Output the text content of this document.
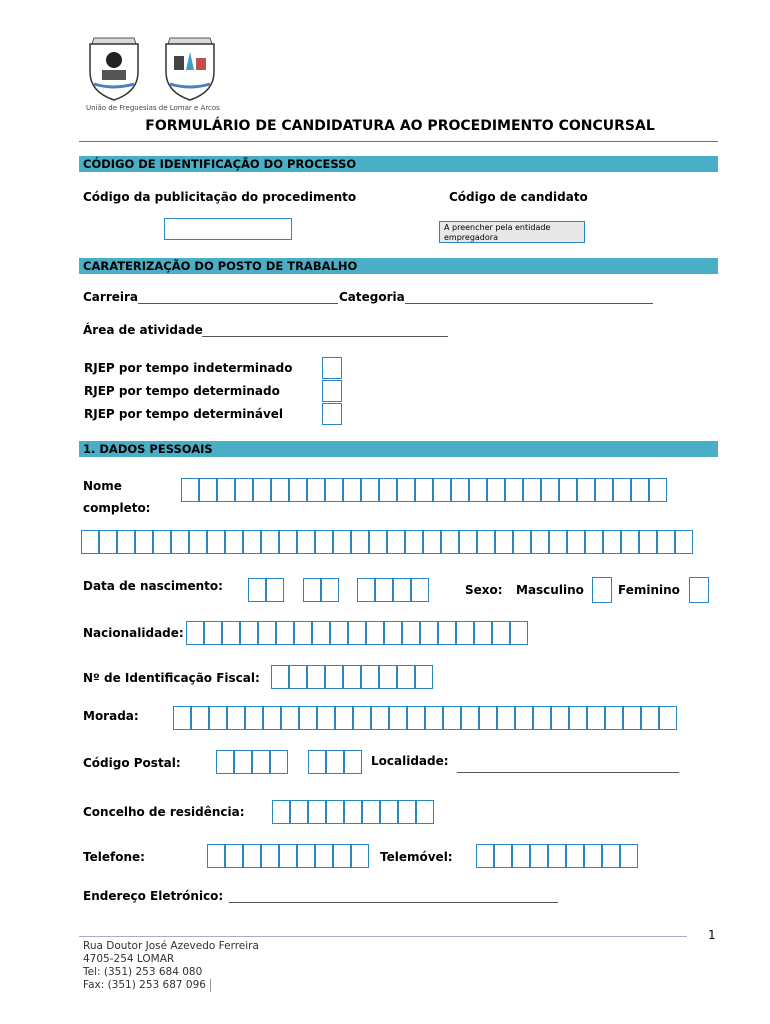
União de Freguesias de Lomar e Arcos
FORMULÁRIO DE CANDIDATURA AO PROCEDIMENTO CONCURSAL
CÓDIGO DE IDENTIFICAÇÃO DO PROCESSO
Código da publicitação do procedimento	Código de candidato
A preencher pela entidade empregadora
CARATERIZAÇÃO DO POSTO DE TRABALHO
Carreira	Categoria
Área de atividade
RJEP por tempo indeterminado
RJEP por tempo determinado
RJEP por tempo determinável
1. DADOS PESSOAIS
Nome
completo:
Data de nascimento:	Sexo: Masculino	Feminino
Nacionalidade:
Nº de Identificação Fiscal:
Morada:
Código Postal:	Localidade:
Concelho de residência:
Telefone:	Telemóvel:
Endereço Eletrónico:
1
Rua Doutor José Azevedo Ferreira
4705-254 LOMAR
Tel: (351) 253 684 080
Fax: (351) 253 687 096
